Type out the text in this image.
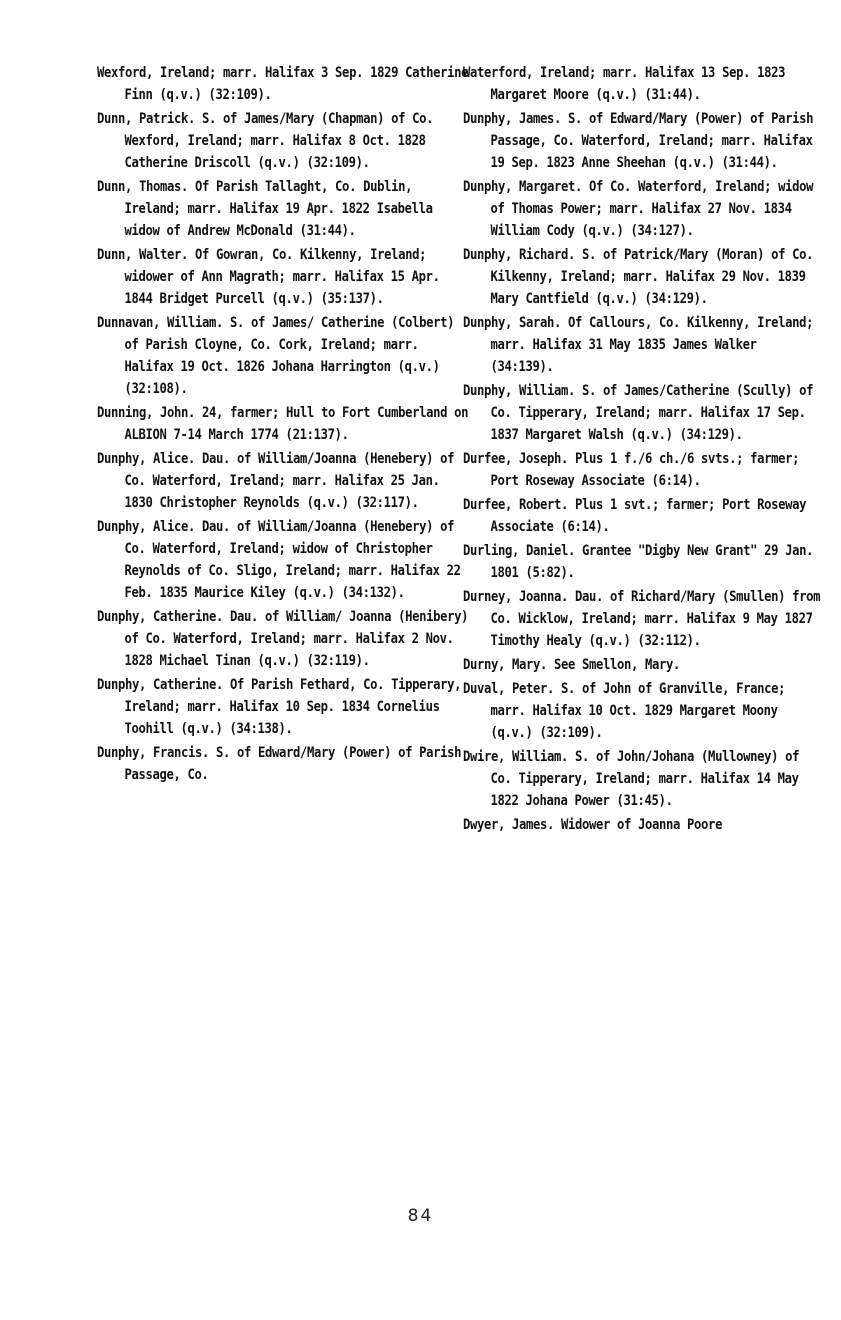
Wexford, Ireland; marr. Halifax 3 Sep. 1829 Catherine Finn (q.v.) (32:109).

Dunn, Patrick. S. of James/Mary (Chapman) of Co. Wexford, Ireland; marr. Halifax 8 Oct. 1828 Catherine Driscoll (q.v.) (32:109).

Dunn, Thomas. Of Parish Tallaght, Co. Dublin, Ireland; marr. Halifax 19 Apr. 1822 Isabella widow of Andrew McDonald (31:44).

Dunn, Walter. Of Gowran, Co. Kilkenny, Ireland; widower of Ann Magrath; marr. Halifax 15 Apr. 1844 Bridget Purcell (q.v.) (35:137).

Dunnavan, William. S. of James/ Catherine (Colbert) of Parish Cloyne, Co. Cork, Ireland; marr. Halifax 19 Oct. 1826 Johana Harrington (q.v.) (32:108).

Dunning, John. 24, farmer; Hull to Fort Cumberland on ALBION 7-14 March 1774 (21:137).

Dunphy, Alice. Dau. of William/Joanna (Henebery) of Co. Waterford, Ireland; marr. Halifax 25 Jan. 1830 Christopher Reynolds (q.v.) (32:117).

Dunphy, Alice. Dau. of William/Joanna (Henebery) of Co. Waterford, Ireland; widow of Christopher Reynolds of Co. Sligo, Ireland; marr. Halifax 22 Feb. 1835 Maurice Kiley (q.v.) (34:132).

Dunphy, Catherine. Dau. of William/ Joanna (Henibery) of Co. Waterford, Ireland; marr. Halifax 2 Nov. 1828 Michael Tinan (q.v.) (32:119).

Dunphy, Catherine. Of Parish Fethard, Co. Tipperary, Ireland; marr. Halifax 10 Sep. 1834 Cornelius Toohill (q.v.) (34:138).

Dunphy, Francis. S. of Edward/Mary (Power) of Parish Passage, Co.

Waterford, Ireland; marr. Halifax 13 Sep. 1823 Margaret Moore (q.v.) (31:44).

Dunphy, James. S. of Edward/Mary (Power) of Parish Passage, Co. Waterford, Ireland; marr. Halifax 19 Sep. 1823 Anne Sheehan (q.v.) (31:44).

Dunphy, Margaret. Of Co. Waterford, Ireland; widow of Thomas Power; marr. Halifax 27 Nov. 1834 William Cody (q.v.) (34:127).

Dunphy, Richard. S. of Patrick/Mary (Moran) of Co. Kilkenny, Ireland; marr. Halifax 29 Nov. 1839 Mary Cantfield (q.v.) (34:129).

Dunphy, Sarah. Of Callours, Co. Kilkenny, Ireland; marr. Halifax 31 May 1835 James Walker (34:139).

Dunphy, William. S. of James/Catherine (Scully) of Co. Tipperary, Ireland; marr. Halifax 17 Sep. 1837 Margaret Walsh (q.v.) (34:129).

Durfee, Joseph. Plus 1 f./6 ch./6 svts.; farmer; Port Roseway Associate (6:14).

Durfee, Robert. Plus 1 svt.; farmer; Port Roseway Associate (6:14).

Durling, Daniel. Grantee "Digby New Grant" 29 Jan. 1801 (5:82).

Durney, Joanna. Dau. of Richard/Mary (Smullen) from Co. Wicklow, Ireland; marr. Halifax 9 May 1827 Timothy Healy (q.v.) (32:112).

Durny, Mary. See Smellon, Mary.

Duval, Peter. S. of John of Granville, France; marr. Halifax 10 Oct. 1829 Margaret Moony (q.v.) (32:109).

Dwire, William. S. of John/Johana (Mullowney) of Co. Tipperary, Ireland; marr. Halifax 14 May 1822 Johana Power (31:45).

Dwyer, James. Widower of Joanna Poore

84
